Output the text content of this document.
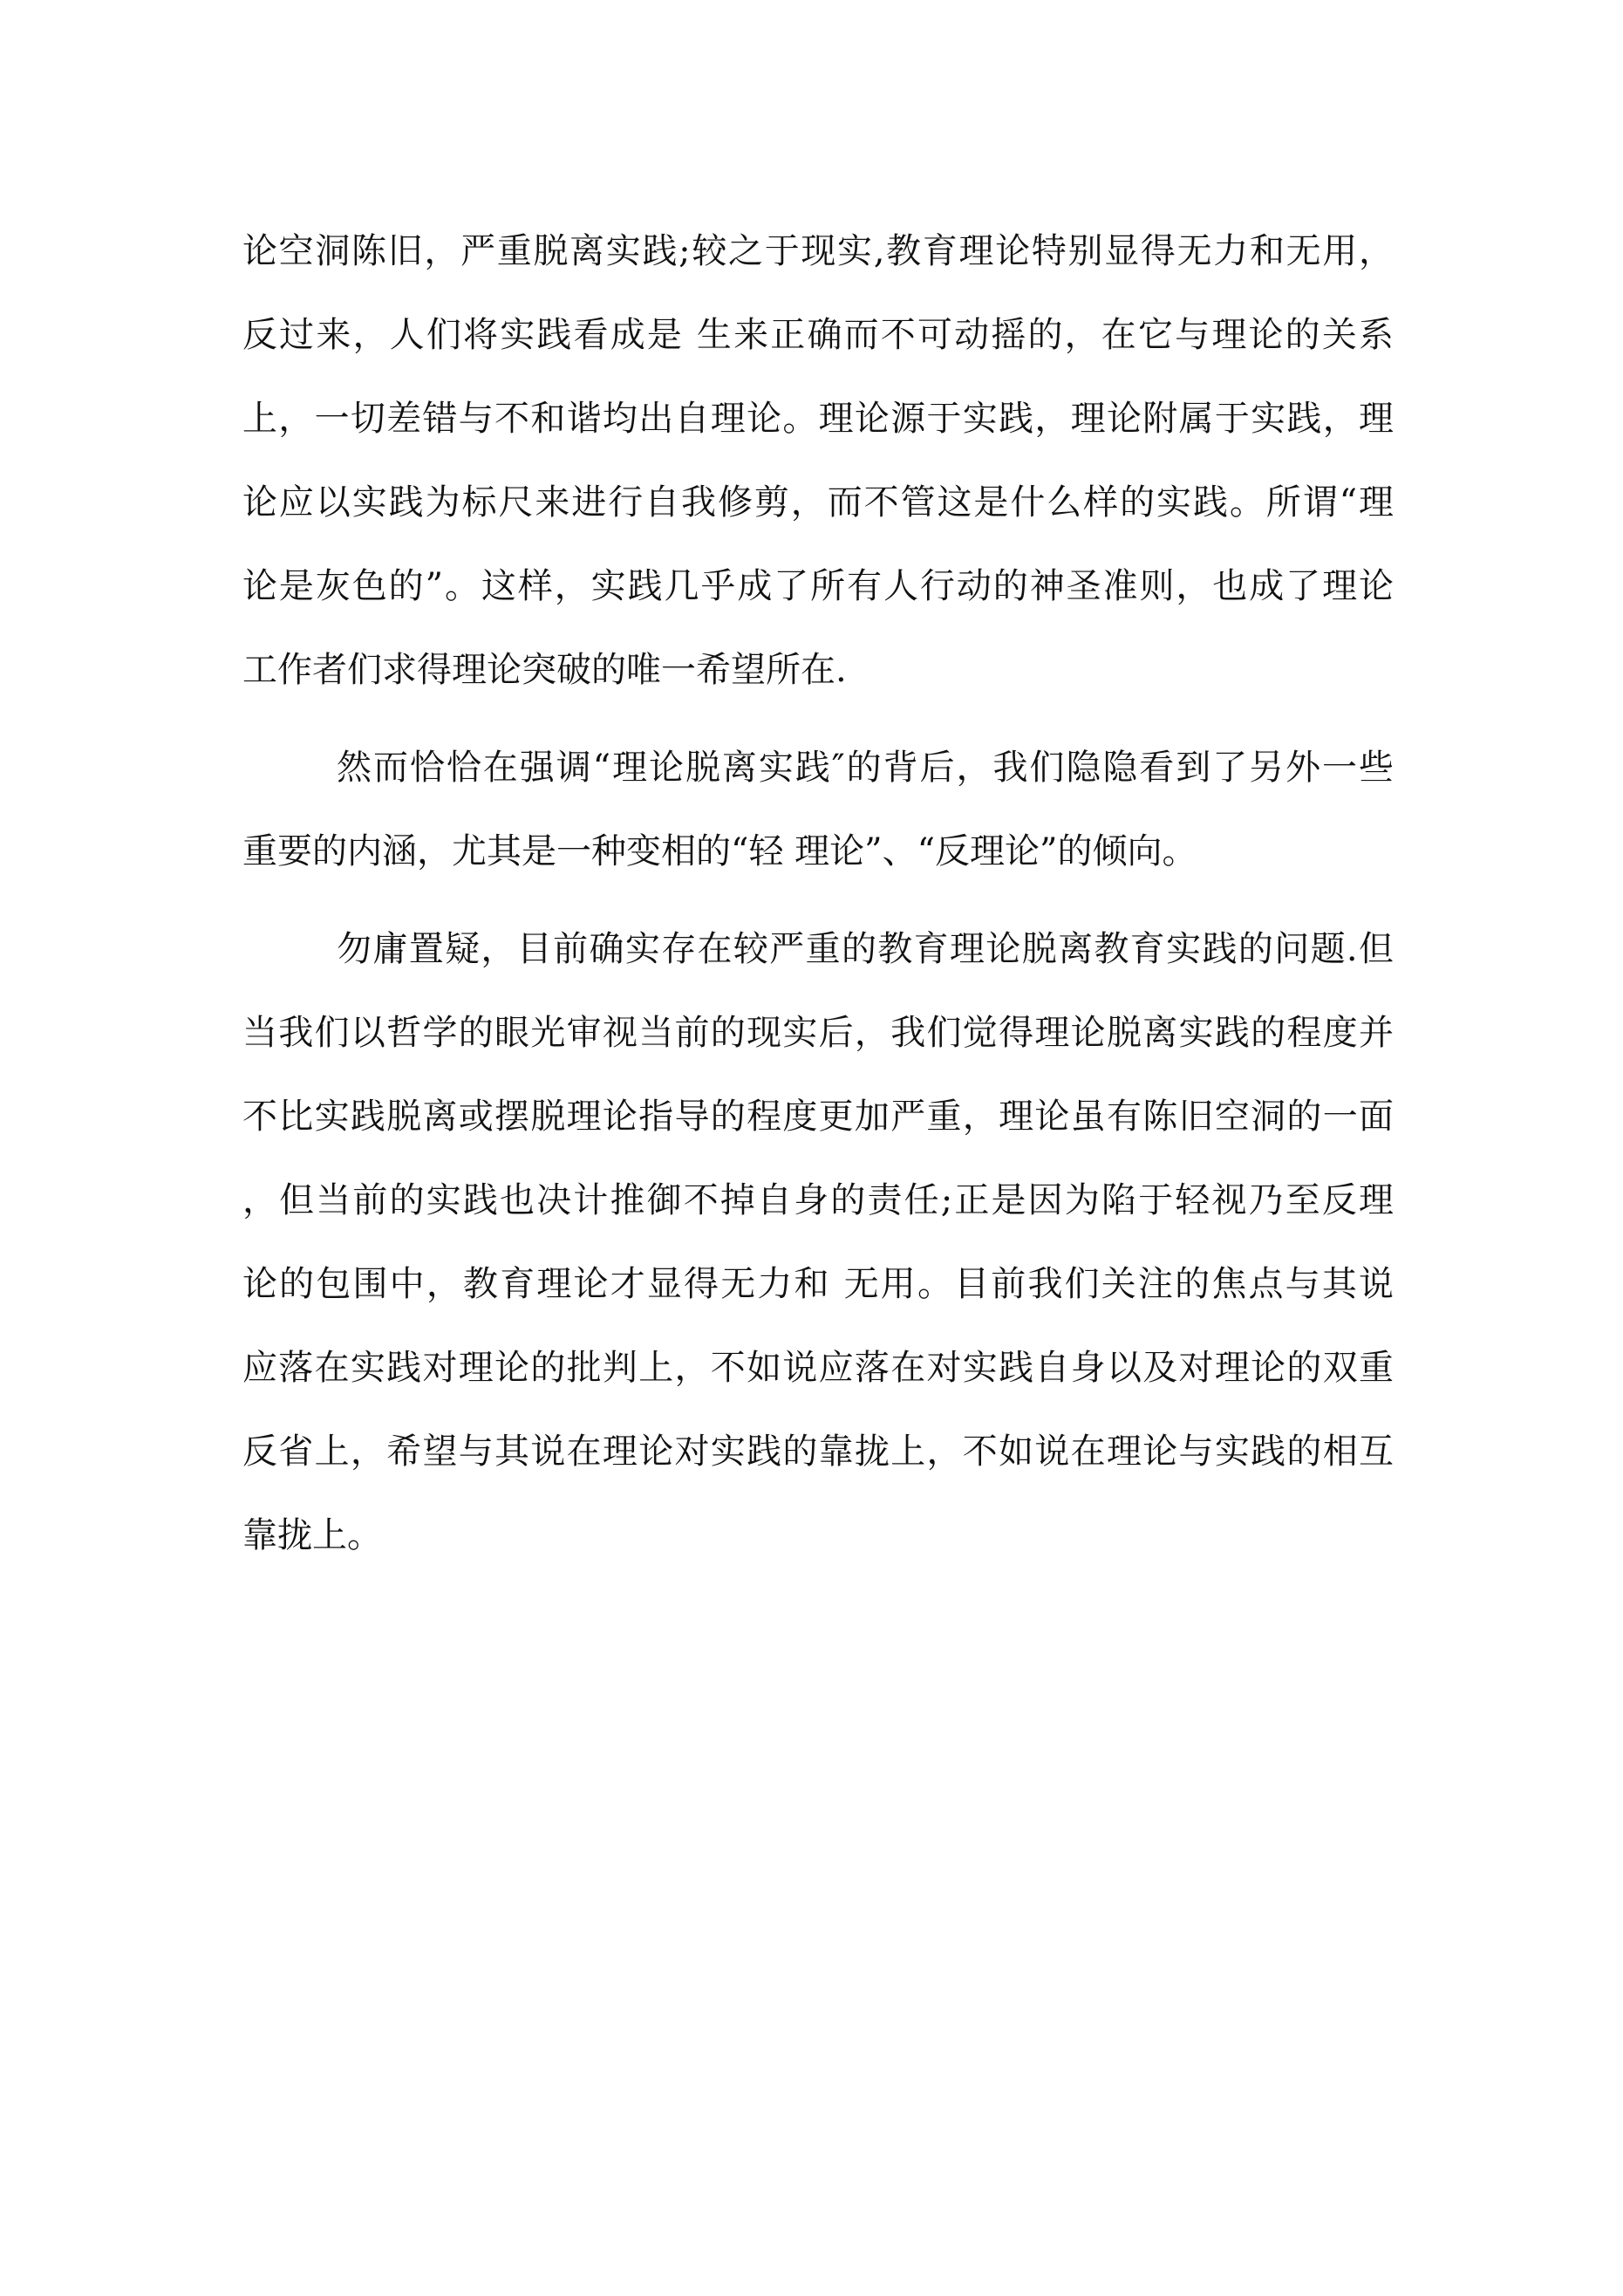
论空洞陈旧，严重脱离实践;较之于现实,教育理论特别显得无力和无用，

反过来，人们将实践看成是 生来正确而不可动摇的，在它与理论的关系

上，一切差错与不和谐均出自理论。理论源于实践，理论附属于实践，理

论应以实践为标尺来进行自我修剪，而不管这是什么样的实践。所谓“理

论是灰色的”。这样，实践几乎成了所有人行动的神圣准则，也成了理论

工作者们求得理论突破的唯一希望所在.

然而恰恰在强调“理论脱离实践″的背后，我们隐隐看到了另外一些

重要的内涵，尤其是一种变相的“轻 理论”、“反理论”的倾向。

勿庸置疑，目前确实存在较严重的教育理论脱离教育实践的问题.但

当我们以哲学的眼光审视当前的现实后，我们觉得理论脱离实践的程度并

不比实践脱离或摆脱理论指导的程度更加严重，理论虽有陈旧空洞的一面

，但当前的实践也决计推御不掉自身的责任;正是因为陷于轻视乃至反理

论的包围中，教育理论才显得无力和 无用。目前我们关注的焦点与其说

应落在实践对理论的批判上，不如说应落在对实践自身以及对理论的双重

反省上，希望与其说在理论对实践的靠拢上，不如说在理论与实践的相互

靠拢上。
